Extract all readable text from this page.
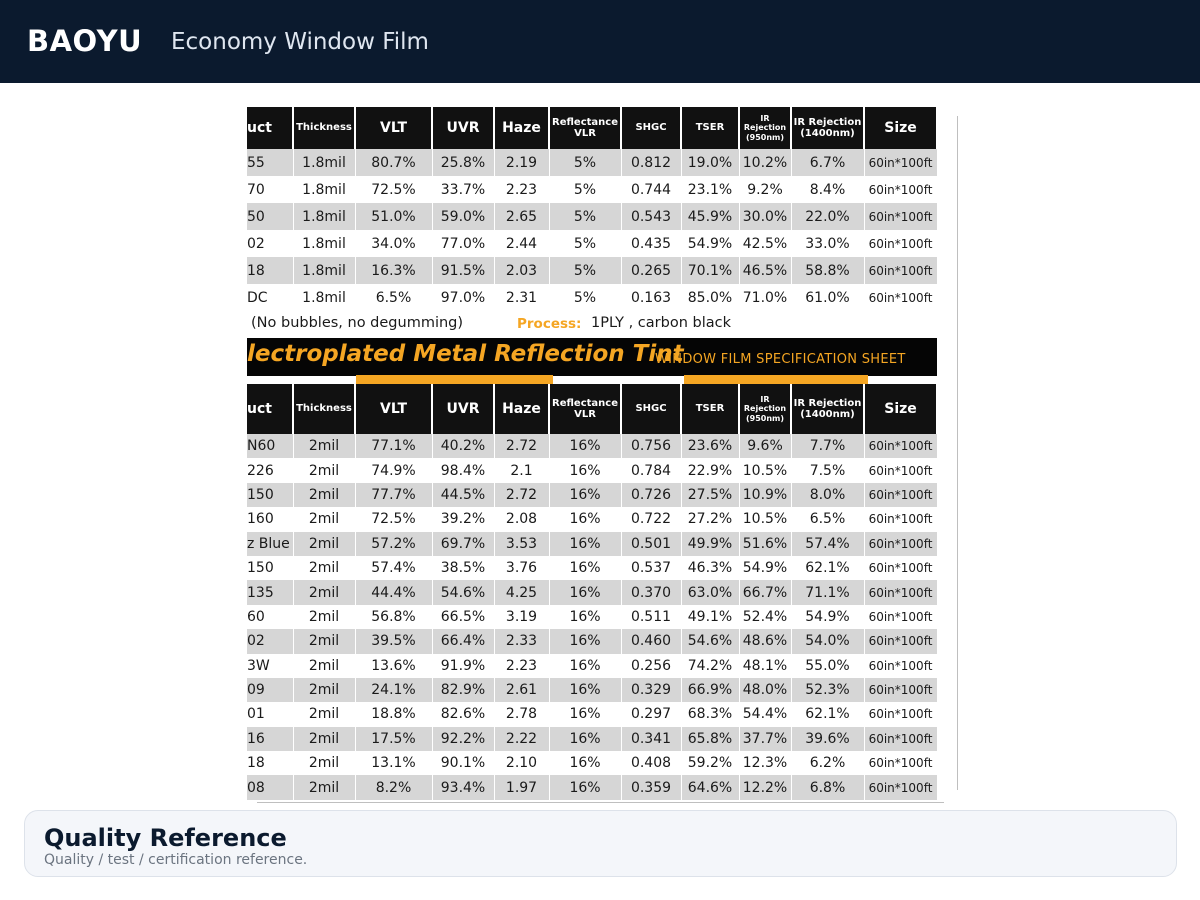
BAOYU Economy Window Film
uct	Thickness	VLT	UVR	Haze	Reflectance VLR	SHGC	TSER	IR Rejection (950nm)	IR Rejection (1400nm)	Size
55	1.8mil	80.7%	25.8%	2.19	5%	0.812	19.0%	10.2%	6.7%	60in*100ft
70	1.8mil	72.5%	33.7%	2.23	5%	0.744	23.1%	9.2%	8.4%	60in*100ft
50	1.8mil	51.0%	59.0%	2.65	5%	0.543	45.9%	30.0%	22.0%	60in*100ft
02	1.8mil	34.0%	77.0%	2.44	5%	0.435	54.9%	42.5%	33.0%	60in*100ft
18	1.8mil	16.3%	91.5%	2.03	5%	0.265	70.1%	46.5%	58.8%	60in*100ft
DC	1.8mil	6.5%	97.0%	2.31	5%	0.163	85.0%	71.0%	61.0%	60in*100ft
(No bubbles, no degumming)	Process: 1PLY , carbon black
lectroplated Metal Reflection Tint
WINDOW FILM SPECIFICATION SHEET
uct	Thickness	VLT	UVR	Haze	Reflectance VLR	SHGC	TSER	IR Rejection (950nm)	IR Rejection (1400nm)	Size
N60	2mil	77.1%	40.2%	2.72	16%	0.756	23.6%	9.6%	7.7%	60in*100ft
226	2mil	74.9%	98.4%	2.1	16%	0.784	22.9%	10.5%	7.5%	60in*100ft
150	2mil	77.7%	44.5%	2.72	16%	0.726	27.5%	10.9%	8.0%	60in*100ft
160	2mil	72.5%	39.2%	2.08	16%	0.722	27.2%	10.5%	6.5%	60in*100ft
z Blue	2mil	57.2%	69.7%	3.53	16%	0.501	49.9%	51.6%	57.4%	60in*100ft
150	2mil	57.4%	38.5%	3.76	16%	0.537	46.3%	54.9%	62.1%	60in*100ft
135	2mil	44.4%	54.6%	4.25	16%	0.370	63.0%	66.7%	71.1%	60in*100ft
60	2mil	56.8%	66.5%	3.19	16%	0.511	49.1%	52.4%	54.9%	60in*100ft
02	2mil	39.5%	66.4%	2.33	16%	0.460	54.6%	48.6%	54.0%	60in*100ft
3W	2mil	13.6%	91.9%	2.23	16%	0.256	74.2%	48.1%	55.0%	60in*100ft
09	2mil	24.1%	82.9%	2.61	16%	0.329	66.9%	48.0%	52.3%	60in*100ft
01	2mil	18.8%	82.6%	2.78	16%	0.297	68.3%	54.4%	62.1%	60in*100ft
16	2mil	17.5%	92.2%	2.22	16%	0.341	65.8%	37.7%	39.6%	60in*100ft
18	2mil	13.1%	90.1%	2.10	16%	0.408	59.2%	12.3%	6.2%	60in*100ft
08	2mil	8.2%	93.4%	1.97	16%	0.359	64.6%	12.2%	6.8%	60in*100ft
Quality Reference
Quality / test / certification reference.
